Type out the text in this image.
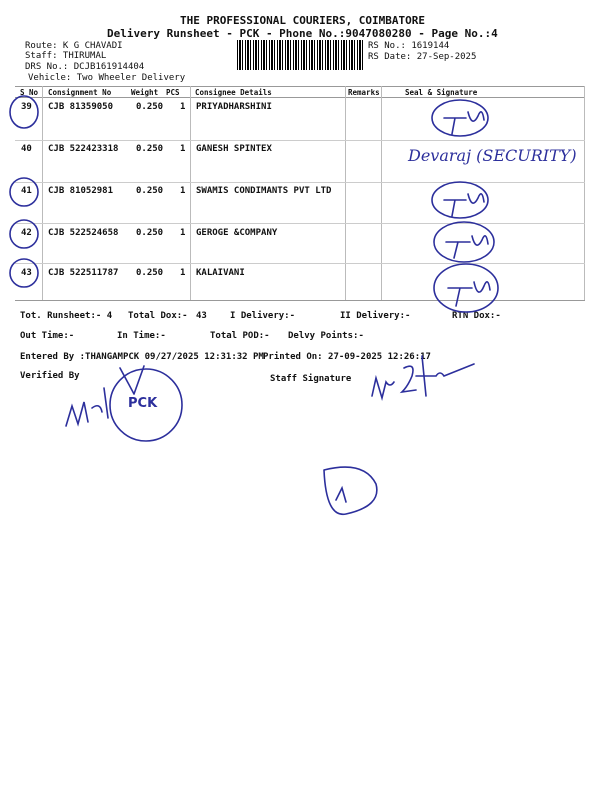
THE PROFESSIONAL COURIERS, COIMBATORE
Delivery Runsheet - PCK - Phone No.:9047080280 - Page No.:4
Route: K G CHAVADI
Staff: THIRUMAL
DRS No.: DCJB161914404
Vehicle: Two Wheeler Delivery
RS No.: 1619144
RS Date: 27-Sep-2025
S No Consignment No	Weight PCS Consignee Details	Remarks	Seal & Signature
39 CJB 81359050	0.250 1 PRIYADHARSHINI
40 CJB 522423318 0.250 1 GANESH SPINTEX
41 CJB 81052981	0.250 1 SWAMIS CONDIMANTS PVT LTD
42 CJB 522524658 0.250 1 GEROGE &COMPANY
43 CJB 522511787 0.250 1 KALAIVANI
Tot. Runsheet:- 4 Total Dox:- 43	I Delivery:-	II Delivery:-	RTN Dox:-
Out Time:-	In Time:-	Total POD:- Delvy Points:-
Entered By :THANGAMPCK 09/27/2025 12:31:32 PM Printed On: 27-09-2025 12:26:17
Verified By	Staff Signature
Devaraj (SECURITY)
PCK
